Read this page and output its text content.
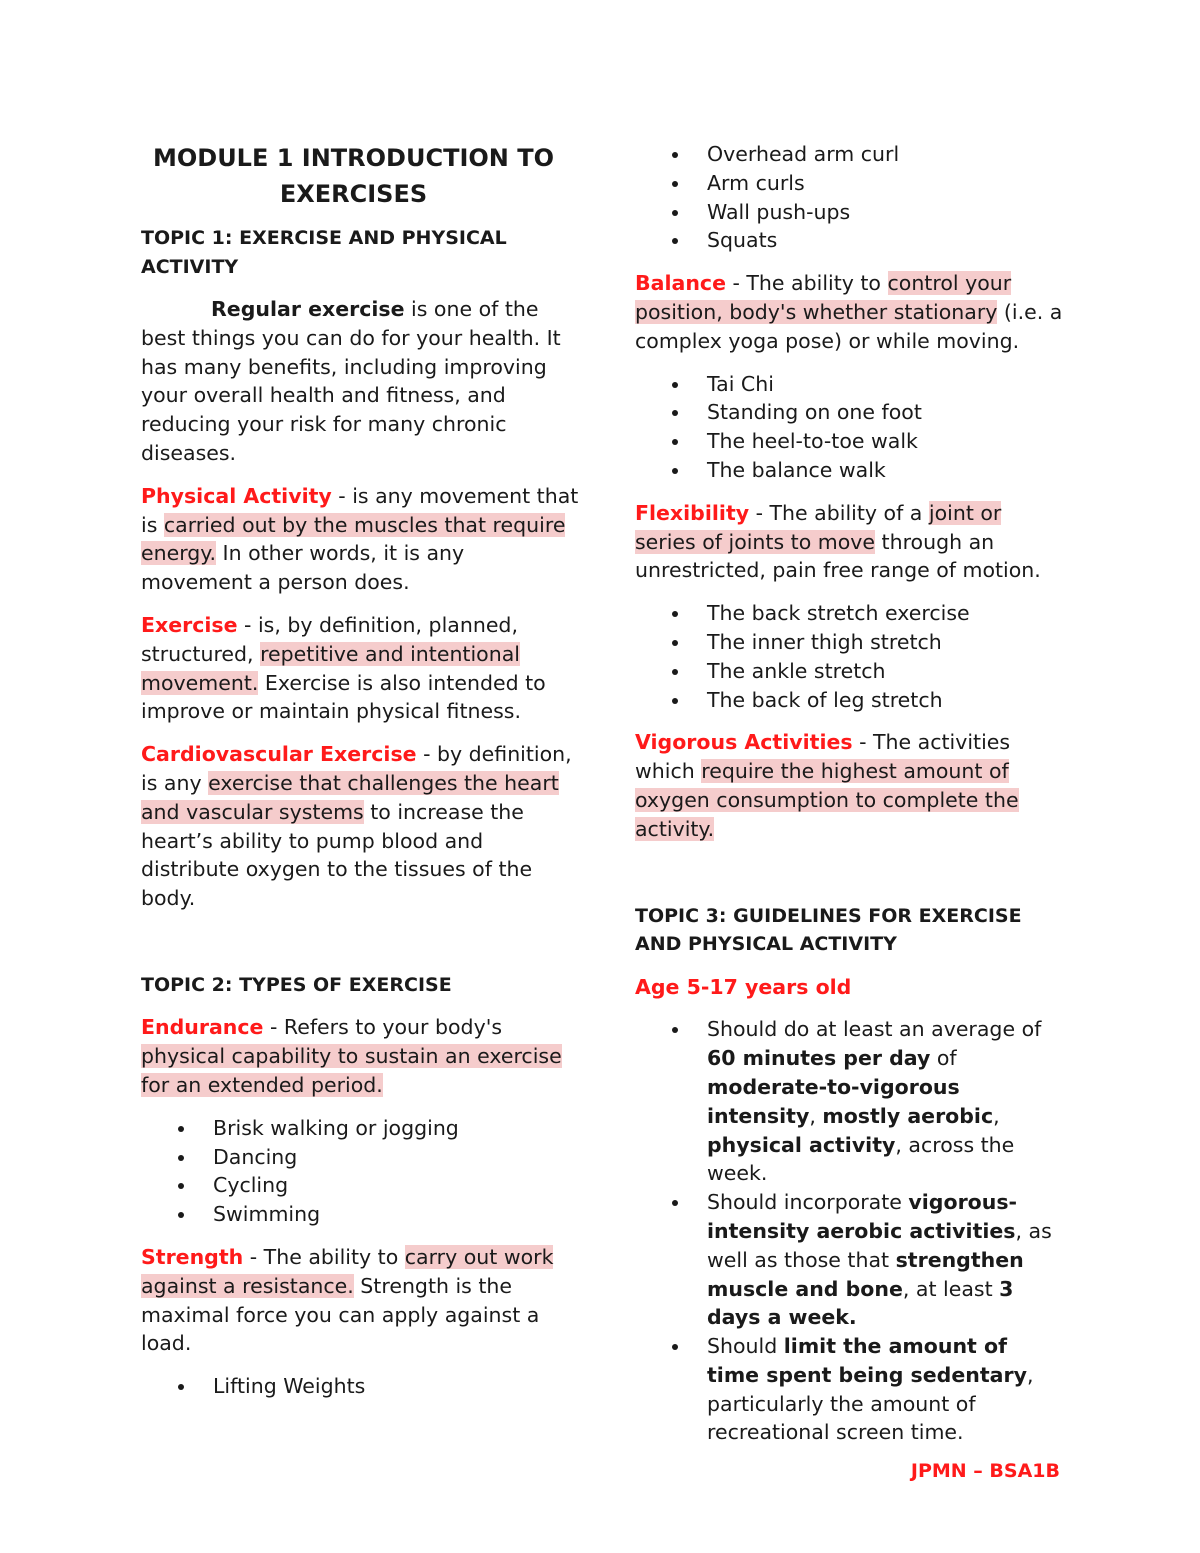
MODULE 1 INTRODUCTION TO
EXERCISES
TOPIC 1: EXERCISE AND PHYSICAL ACTIVITY

Regular exercise is one of the best things you can do for your health. It has many benefits, including improving your overall health and fitness, and reducing your risk for many chronic diseases.

Physical Activity - is any movement that is carried out by the muscles that require energy. In other words, it is any movement a person does.

Exercise - is, by definition, planned, structured, repetitive and intentional movement. Exercise is also intended to improve or maintain physical fitness.

Cardiovascular Exercise - by definition, is any exercise that challenges the heart and vascular systems to increase the heart’s ability to pump blood and distribute oxygen to the tissues of the body.

TOPIC 2: TYPES OF EXERCISE

Endurance - Refers to your body's physical capability to sustain an exercise for an extended period.

Brisk walking or jogging
Dancing
Cycling
Swimming

Strength - The ability to carry out work against a resistance. Strength is the maximal force you can apply against a load.

Lifting Weights
Overhead arm curl
Arm curls
Wall push-ups
Squats

Balance - The ability to control your position, body's whether stationary (i.e. a complex yoga pose) or while moving.

Tai Chi
Standing on one foot
The heel-to-toe walk
The balance walk

Flexibility - The ability of a joint or series of joints to move through an unrestricted, pain free range of motion.

The back stretch exercise
The inner thigh stretch
The ankle stretch
The back of leg stretch

Vigorous Activities - The activities which require the highest amount of oxygen consumption to complete the activity.

TOPIC 3: GUIDELINES FOR EXERCISE AND PHYSICAL ACTIVITY
Age 5-17 years old
Should do at least an average of 60 minutes per day of moderate-to-vigorous intensity, mostly aerobic, physical activity, across the week.
Should incorporate vigorous-intensity aerobic activities, as well as those that strengthen muscle and bone, at least 3 days a week.
Should limit the amount of time spent being sedentary, particularly the amount of recreational screen time.
JPMN – BSA1B
